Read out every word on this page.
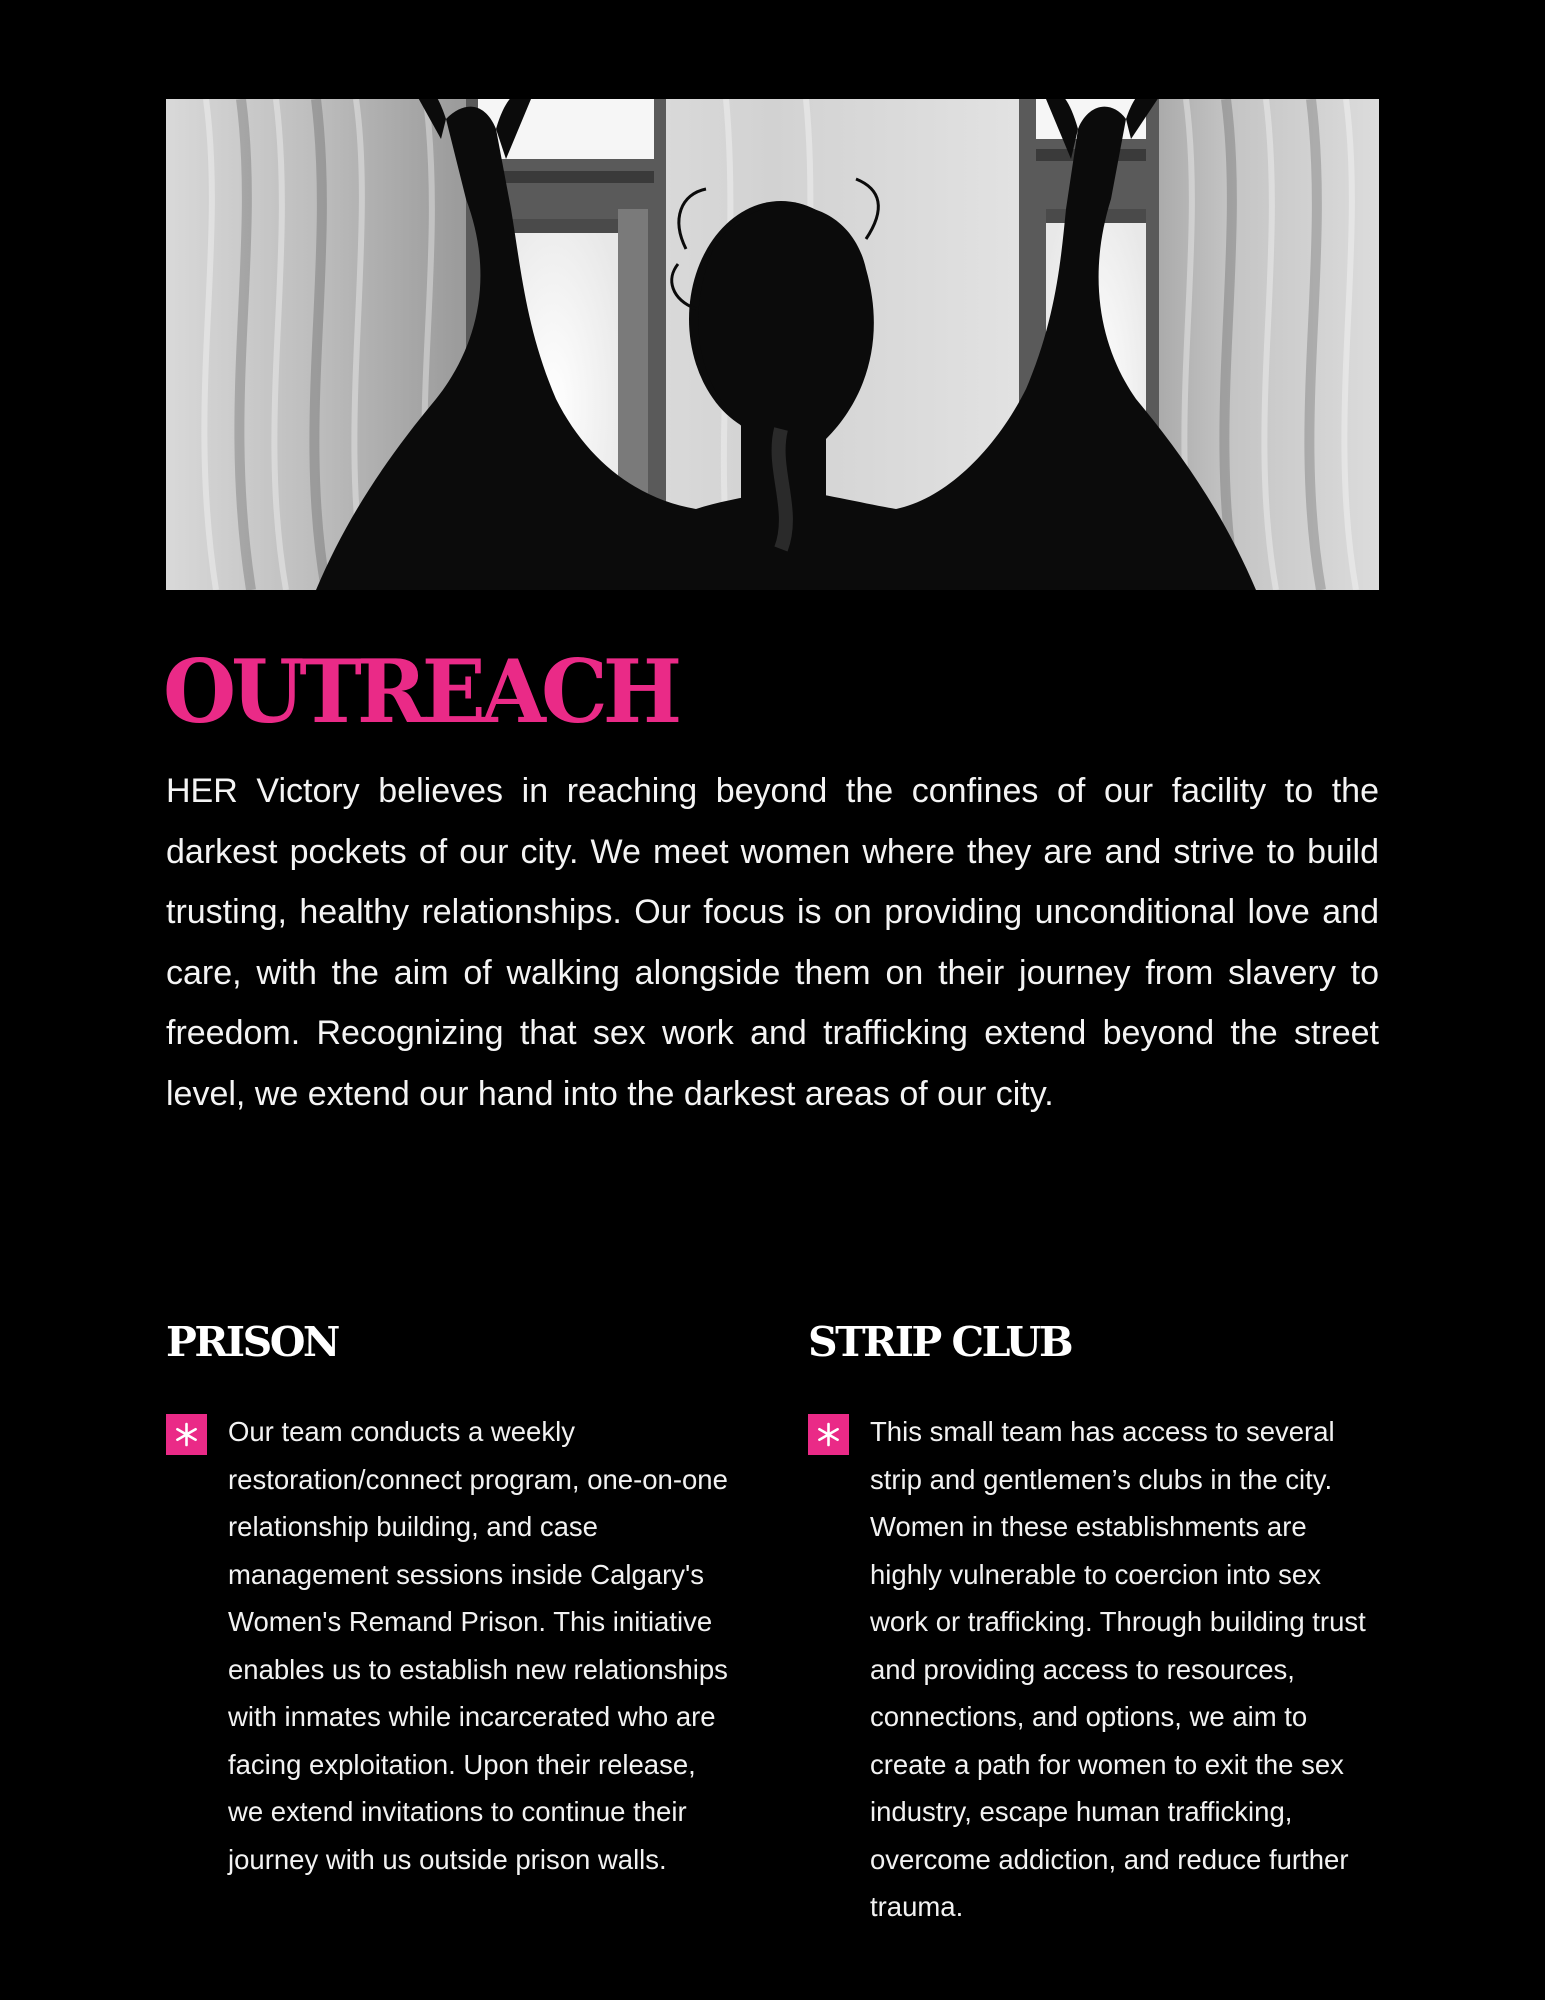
OUTREACH

HER Victory believes in reaching beyond the confines of our facility to the darkest pockets of our city. We meet women where they are and strive to build trusting, healthy relationships. Our focus is on providing unconditional love and care, with the aim of walking alongside them on their journey from slavery to freedom. Recognizing that sex work and trafficking extend beyond the street level, we extend our hand into the darkest areas of our city.

PRISON

Our team conducts a weekly restoration/connect program, one-on-one relationship building, and case management sessions inside Calgary's Women's Remand Prison. This initiative enables us to establish new relationships with inmates while incarcerated who are facing exploitation. Upon their release, we extend invitations to continue their journey with us outside prison walls.

STRIP CLUB

This small team has access to several strip and gentlemen’s clubs in the city. Women in these establishments are highly vulnerable to coercion into sex work or trafficking. Through building trust and providing access to resources, connections, and options, we aim to create a path for women to exit the sex industry, escape human trafficking, overcome addiction, and reduce further trauma.
